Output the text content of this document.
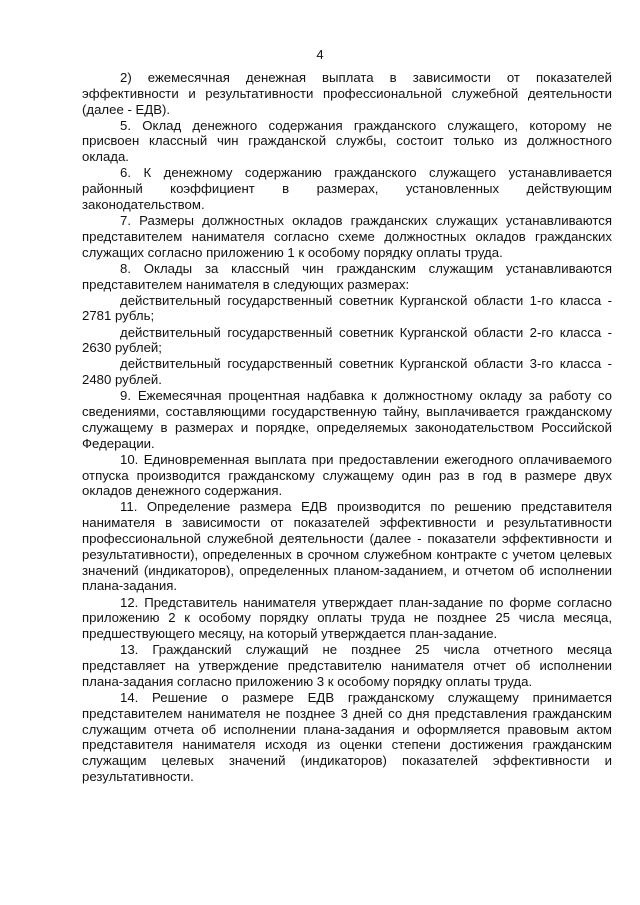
4

2) ежемесячная денежная выплата в зависимости от показателей эффективности и результативности профессиональной служебной деятельности (далее - ЕДВ).

5. Оклад денежного содержания гражданского служащего, которому не присвоен классный чин гражданской службы, состоит только из должностного оклада.

6. К денежному содержанию гражданского служащего устанавливается районный коэффициент в размерах, установленных действующим законодательством.

7. Размеры должностных окладов гражданских служащих устанавливаются представителем нанимателя согласно схеме должностных окладов гражданских служащих согласно приложению 1 к особому порядку оплаты труда.

8. Оклады за классный чин гражданским служащим устанавливаются представителем нанимателя в следующих размерах:

действительный государственный советник Курганской области 1-го класса - 2781 рубль;

действительный государственный советник Курганской области 2-го класса - 2630 рублей;

действительный государственный советник Курганской области 3-го класса - 2480 рублей.

9. Ежемесячная процентная надбавка к должностному окладу за работу со сведениями, составляющими государственную тайну, выплачивается гражданскому служащему в размерах и порядке, определяемых законодательством Российской Федерации.

10. Единовременная выплата при предоставлении ежегодного оплачиваемого отпуска производится гражданскому служащему один раз в год в размере двух окладов денежного содержания.

11. Определение размера ЕДВ производится по решению представителя нанимателя в зависимости от показателей эффективности и результативности профессиональной служебной деятельности (далее - показатели эффективности и результативности), определенных в срочном служебном контракте с учетом целевых значений (индикаторов), определенных планом-заданием, и отчетом об исполнении плана-задания.

12. Представитель нанимателя утверждает план-задание по форме согласно приложению 2 к особому порядку оплаты труда не позднее 25 числа месяца, предшествующего месяцу, на который утверждается план-задание.

13. Гражданский служащий не позднее 25 числа отчетного месяца представляет на утверждение представителю нанимателя отчет об исполнении плана-задания согласно приложению 3 к особому порядку оплаты труда.

14. Решение о размере ЕДВ гражданскому служащему принимается представителем нанимателя не позднее 3 дней со дня представления гражданским служащим отчета об исполнении плана-задания и оформляется правовым актом представителя нанимателя исходя из оценки степени достижения гражданским служащим целевых значений (индикаторов) показателей эффективности и результативности.
